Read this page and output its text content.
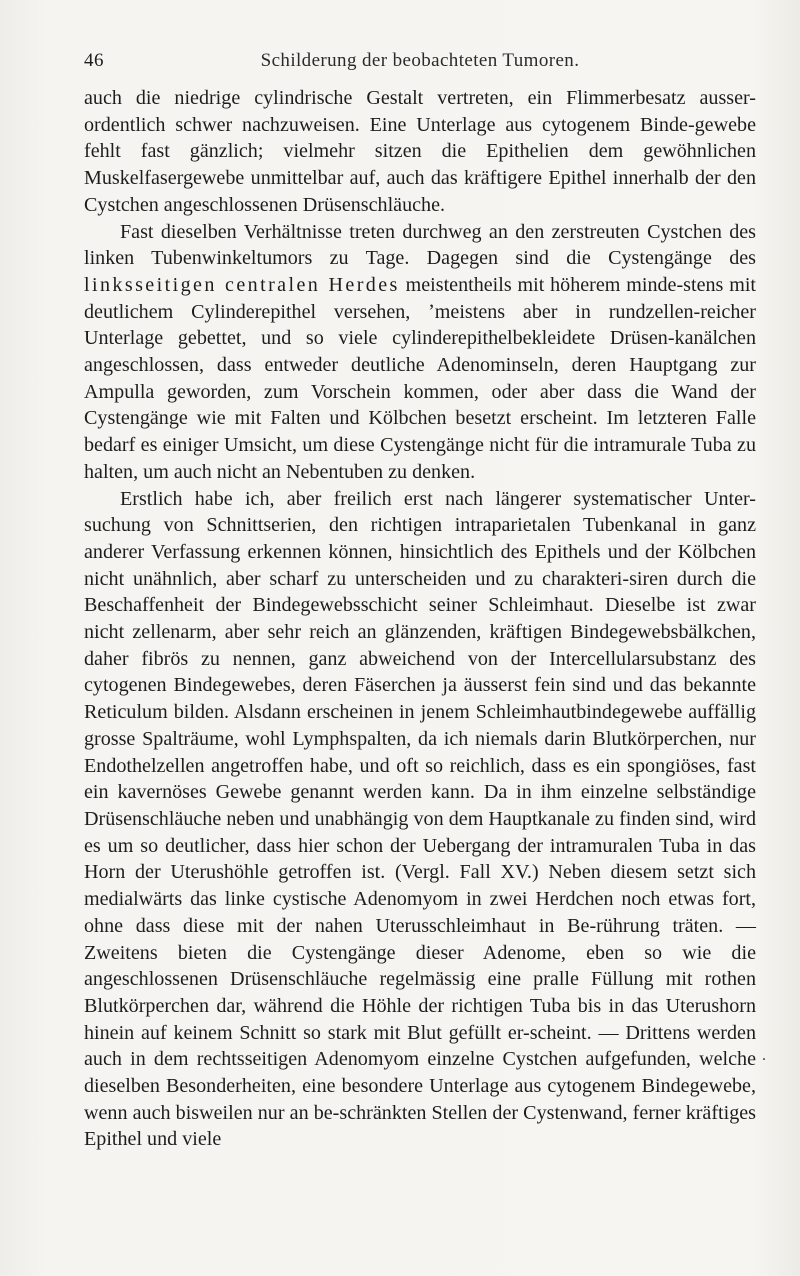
46	Schilderung der beobachteten Tumoren.

auch die niedrige cylindrische Gestalt vertreten, ein Flimmerbesatz ausser-ordentlich schwer nachzuweisen. Eine Unterlage aus cytogenem Binde-gewebe fehlt fast gänzlich; vielmehr sitzen die Epithelien dem gewöhnlichen Muskelfasergewebe unmittelbar auf, auch das kräftigere Epithel innerhalb der den Cystchen angeschlossenen Drüsenschläuche.

Fast dieselben Verhältnisse treten durchweg an den zerstreuten Cystchen des linken Tubenwinkeltumors zu Tage. Dagegen sind die Cystengänge des linksseitigen centralen Herdes meistentheils mit höherem minde-stens mit deutlichem Cylinderepithel versehen, ʼmeistens aber in rundzellen-reicher Unterlage gebettet, und so viele cylinderepithelbekleidete Drüsen-kanälchen angeschlossen, dass entweder deutliche Adenominseln, deren Hauptgang zur Ampulla geworden, zum Vorschein kommen, oder aber dass die Wand der Cystengänge wie mit Falten und Kölbchen besetzt erscheint. Im letzteren Falle bedarf es einiger Umsicht, um diese Cystengänge nicht für die intramurale Tuba zu halten, um auch nicht an Nebentuben zu denken.

Erstlich habe ich, aber freilich erst nach längerer systematischer Unter-suchung von Schnittserien, den richtigen intraparietalen Tubenkanal in ganz anderer Verfassung erkennen können, hinsichtlich des Epithels und der Kölbchen nicht unähnlich, aber scharf zu unterscheiden und zu charakteri-siren durch die Beschaffenheit der Bindegewebsschicht seiner Schleimhaut. Dieselbe ist zwar nicht zellenarm, aber sehr reich an glänzenden, kräftigen Bindegewebsbälkchen, daher fibrös zu nennen, ganz abweichend von der Intercellularsubstanz des cytogenen Bindegewebes, deren Fäserchen ja äusserst fein sind und das bekannte Reticulum bilden. Alsdann erscheinen in jenem Schleimhautbindegewebe auffällig grosse Spalträume, wohl Lymphspalten, da ich niemals darin Blutkörperchen, nur Endothelzellen angetroffen habe, und oft so reichlich, dass es ein spongiöses, fast ein kavernöses Gewebe genannt werden kann. Da in ihm einzelne selbständige Drüsenschläuche neben und unabhängig von dem Hauptkanale zu finden sind, wird es um so deutlicher, dass hier schon der Uebergang der intramuralen Tuba in das Horn der Uterushöhle getroffen ist. (Vergl. Fall XV.) Neben diesem setzt sich medialwärts das linke cystische Adenomyom in zwei Herdchen noch etwas fort, ohne dass diese mit der nahen Uterusschleimhaut in Be-rührung träten. — Zweitens bieten die Cystengänge dieser Adenome, eben so wie die angeschlossenen Drüsenschläuche regelmässig eine pralle Füllung mit rothen Blutkörperchen dar, während die Höhle der richtigen Tuba bis in das Uterushorn hinein auf keinem Schnitt so stark mit Blut gefüllt er-scheint. — Drittens werden auch in dem rechtsseitigen Adenomyom einzelne Cystchen aufgefunden, welche dieselben Besonderheiten, eine besondere Unterlage aus cytogenem Bindegewebe, wenn auch bisweilen nur an be-schränkten Stellen der Cystenwand, ferner kräftiges Epithel und viele

.
